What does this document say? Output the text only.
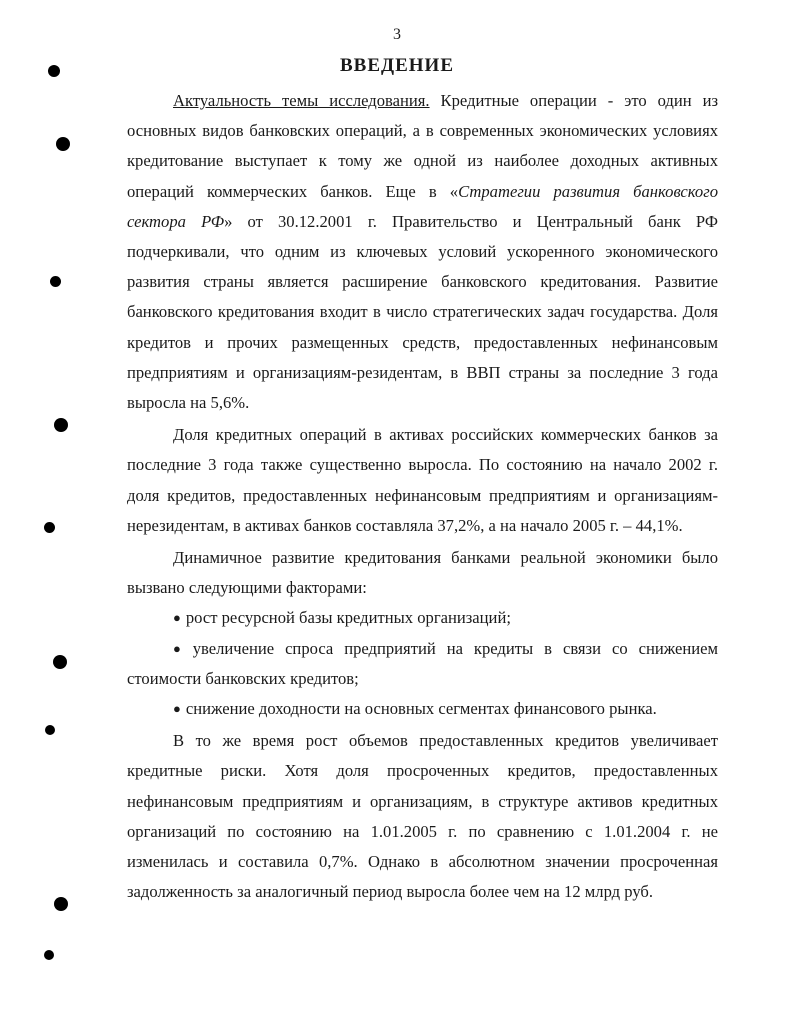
3
ВВЕДЕНИЕ

Актуальность темы исследования. Кредитные операции - это один из основных видов банковских операций, а в современных экономических условиях кредитование выступает к тому же одной из наиболее доходных активных операций коммерческих банков. Еще в «Стратегии развития банковского сектора РФ» от 30.12.2001 г. Правительство и Центральный банк РФ подчеркивали, что одним из ключевых условий ускоренного экономического развития страны является расширение банковского кредитования. Развитие банковского кредитования входит в число стратегических задач государства. Доля кредитов и прочих размещенных средств, предоставленных нефинансовым предприятиям и организациям-резидентам, в ВВП страны за последние 3 года выросла на 5,6%.

Доля кредитных операций в активах российских коммерческих банков за последние 3 года также существенно выросла. По состоянию на начало 2002 г. доля кредитов, предоставленных нефинансовым предприятиям и организациям-нерезидентам, в активах банков составляла 37,2%, а на начало 2005 г. – 44,1%.

Динамичное развитие кредитования банками реальной экономики было вызвано следующими факторами:

● рост ресурсной базы кредитных организаций;

● увеличение спроса предприятий на кредиты в связи со снижением стоимости банковских кредитов;

● снижение доходности на основных сегментах финансового рынка.

В то же время рост объемов предоставленных кредитов увеличивает кредитные риски. Хотя доля просроченных кредитов, предоставленных нефинансовым предприятиям и организациям, в структуре активов кредитных организаций по состоянию на 1.01.2005 г. по сравнению с 1.01.2004 г. не изменилась и составила 0,7%. Однако в абсолютном значении просроченная задолженность за аналогичный период выросла более чем на 12 млрд руб.
